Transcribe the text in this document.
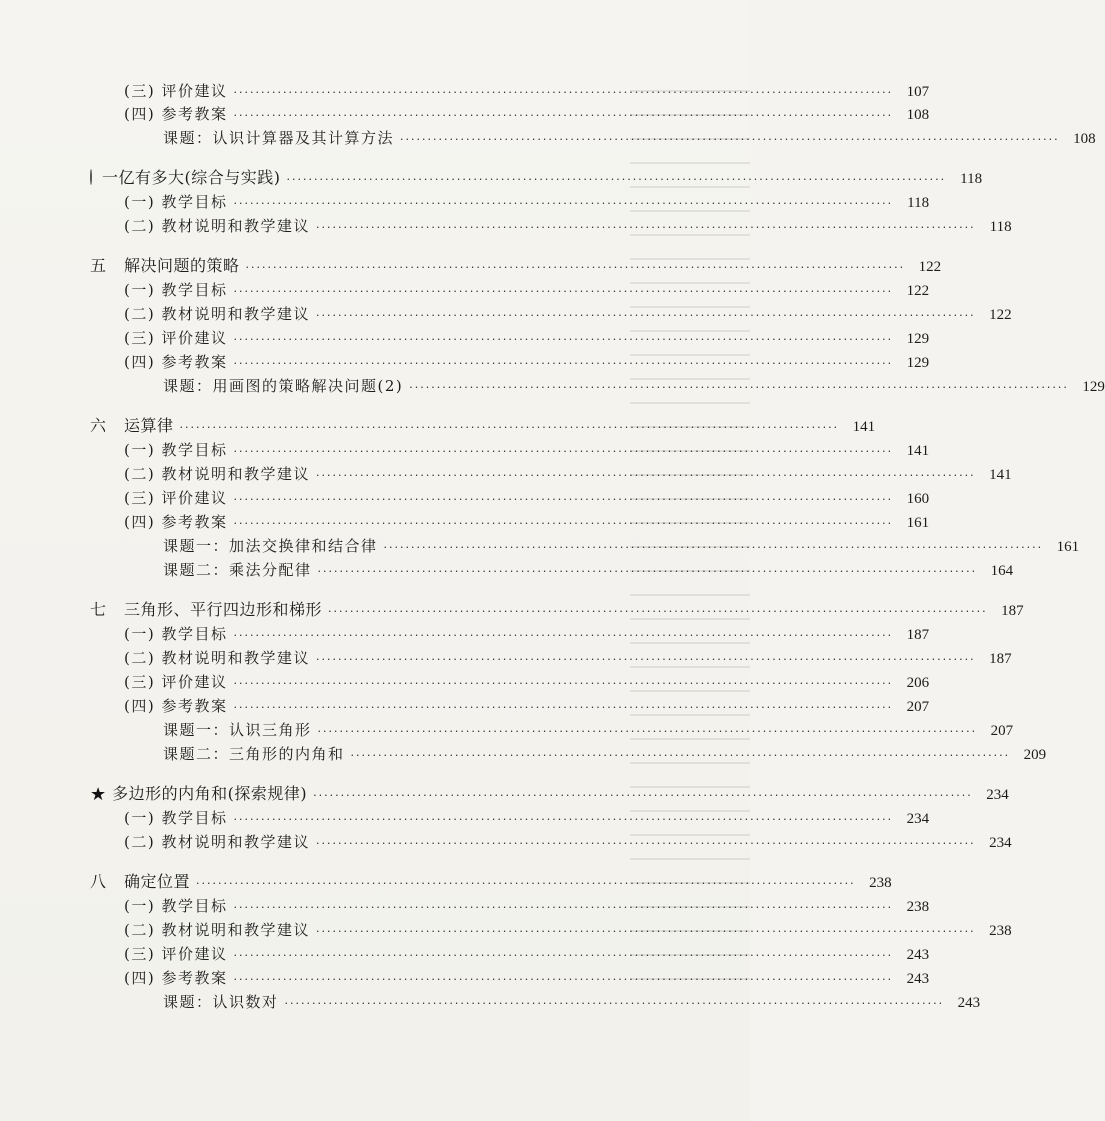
(三) 评价建议 ························································································································ 107
(四) 参考教案 ························································································································ 108
课题：认识计算器及其计算方法 ························································································································ 108
一亿有多大(综合与实践) ························································································································ 118
(一) 教学目标 ························································································································ 118
(二) 教材说明和教学建议 ························································································································ 118
五	解决问题的策略 ························································································································ 122
(一) 教学目标 ························································································································ 122
(二) 教材说明和教学建议 ························································································································ 122
(三) 评价建议 ························································································································ 129
(四) 参考教案 ························································································································ 129
课题：用画图的策略解决问题(2) ························································································································ 129
六	运算律 ························································································································ 141
(一) 教学目标 ························································································································ 141
(二) 教材说明和教学建议 ························································································································ 141
(三) 评价建议 ························································································································ 160
(四) 参考教案 ························································································································ 161
课题一：加法交换律和结合律 ························································································································ 161
课题二：乘法分配律 ························································································································ 164
七	三角形、平行四边形和梯形 ························································································································ 187
(一) 教学目标 ························································································································ 187
(二) 教材说明和教学建议 ························································································································ 187
(三) 评价建议 ························································································································ 206
(四) 参考教案 ························································································································ 207
课题一：认识三角形 ························································································································ 207
课题二：三角形的内角和 ························································································································ 209
★ 多边形的内角和(探索规律) ························································································································ 234
(一) 教学目标 ························································································································ 234
(二) 教材说明和教学建议 ························································································································ 234
八	确定位置 ························································································································ 238
(一) 教学目标 ························································································································ 238
(二) 教材说明和教学建议 ························································································································ 238
(三) 评价建议 ························································································································ 243
(四) 参考教案 ························································································································ 243
课题：认识数对 ························································································································ 243
